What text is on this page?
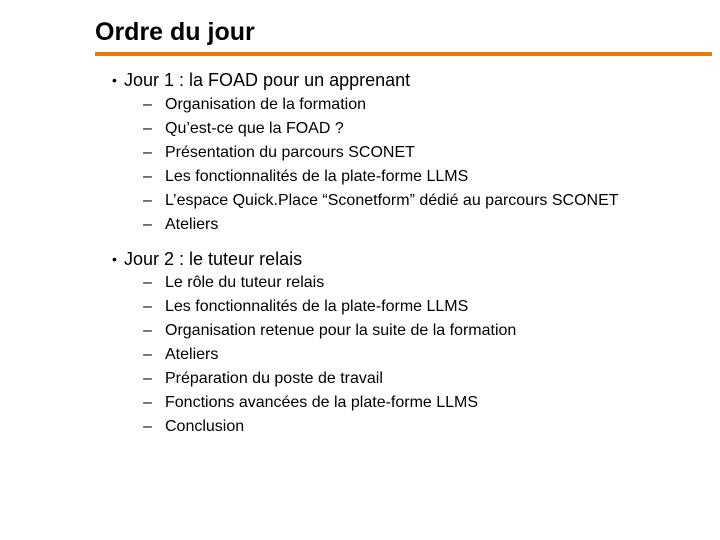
Ordre du jour
• Jour 1 : la FOAD pour un apprenant
– Organisation de la formation
– Qu’est-ce que la FOAD ?
– Présentation du parcours SCONET
– Les fonctionnalités de la plate-forme LLMS
– L’espace Quick.Place “Sconetform” dédié au parcours SCONET
– Ateliers
• Jour 2 : le tuteur relais
– Le rôle du tuteur relais
– Les fonctionnalités de la plate-forme LLMS
– Organisation retenue pour la suite de la formation
– Ateliers
– Préparation du poste de travail
– Fonctions avancées de la plate-forme LLMS
– Conclusion
